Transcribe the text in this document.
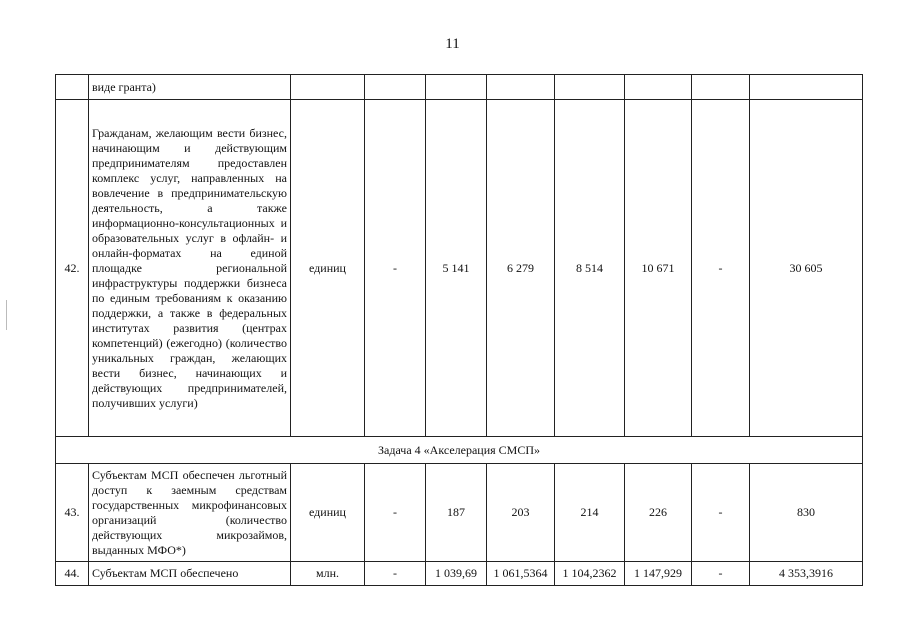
11
	виде гранта)								
42.	Гражданам, желающим вести бизнес, начинающим и действующим предпринимателям предоставлен комплекс услуг, направленных на вовлечение в предпринимательскую деятельность, а также информационно-консультационных и образовательных услуг в офлайн- и онлайн-форматах на единой площадке региональной инфраструктуры поддержки бизнеса по единым требованиям к оказанию поддержки, а также в федеральных институтах развития (центрах компетенций) (ежегодно) (количество уникальных граждан, желающих вести бизнес, начинающих и действующих предпринимателей, получивших услуги)	единиц	-	5 141	6 279	8 514	10 671	-	30 605
Задача 4 «Акселерация СМСП»									
43.	Субъектам МСП обеспечен льготный доступ к заемным средствам государственных микрофинансовых организаций (количество действующих микрозаймов, выданных МФО*)	единиц	-	187	203	214	226	-	830
44.	Субъектам МСП обеспечено	млн.	-	1 039,69	1 061,5364	1 104,2362	1 147,929	-	4 353,3916
